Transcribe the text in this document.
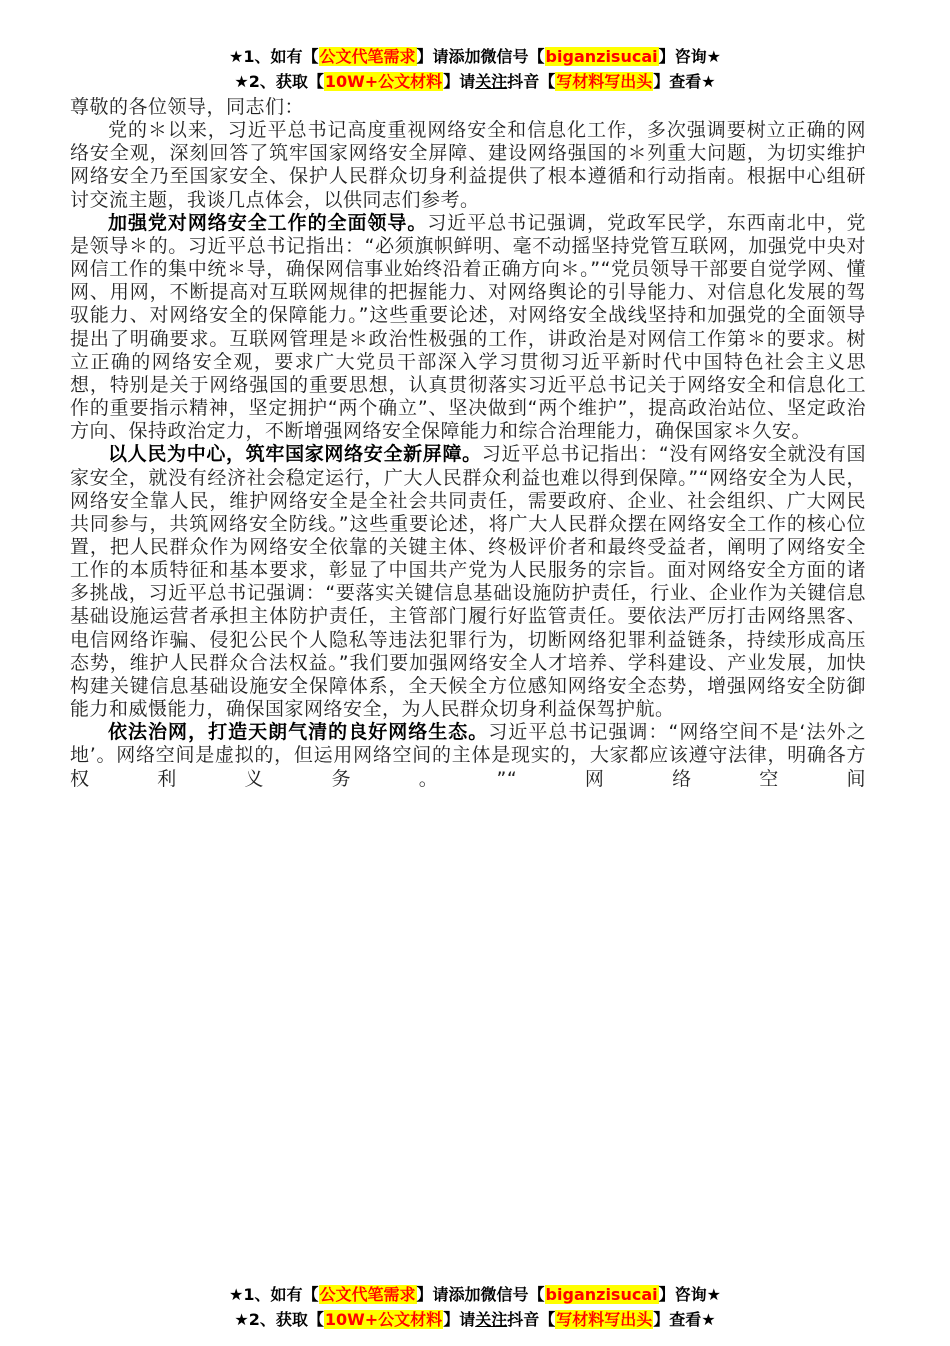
★1、如有【公文代笔需求】请添加微信号【biganzisucai】咨询★
★2、获取【10W+公文材料】请关注抖音【写材料写出头】查看★

尊敬的各位领导，同志们：

党的＊以来，习近平总书记高度重视网络安全和信息化工作，多次强调要树立正确的网络安全观，深刻回答了筑牢国家网络安全屏障、建设网络强国的＊列重大问题，为切实维护网络安全乃至国家安全、保护人民群众切身利益提供了根本遵循和行动指南。根据中心组研讨交流主题，我谈几点体会，以供同志们参考。

加强党对网络安全工作的全面领导。习近平总书记强调，党政军民学，东西南北中，党是领导＊的。习近平总书记指出：“必须旗帜鲜明、毫不动摇坚持党管互联网，加强党中央对网信工作的集中统＊导，确保网信事业始终沿着正确方向＊。”“党员领导干部要自觉学网、懂网、用网，不断提高对互联网规律的把握能力、对网络舆论的引导能力、对信息化发展的驾驭能力、对网络安全的保障能力。”这些重要论述，对网络安全战线坚持和加强党的全面领导提出了明确要求。互联网管理是＊政治性极强的工作，讲政治是对网信工作第＊的要求。树立正确的网络安全观，要求广大党员干部深入学习贯彻习近平新时代中国特色社会主义思想，特别是关于网络强国的重要思想，认真贯彻落实习近平总书记关于网络安全和信息化工作的重要指示精神，坚定拥护“两个确立”、坚决做到“两个维护”，提高政治站位、坚定政治方向、保持政治定力，不断增强网络安全保障能力和综合治理能力，确保国家＊久安。

以人民为中心，筑牢国家网络安全新屏障。习近平总书记指出：“没有网络安全就没有国家安全，就没有经济社会稳定运行，广大人民群众利益也难以得到保障。”“网络安全为人民，网络安全靠人民，维护网络安全是全社会共同责任，需要政府、企业、社会组织、广大网民共同参与，共筑网络安全防线。”这些重要论述，将广大人民群众摆在网络安全工作的核心位置，把人民群众作为网络安全依靠的关键主体、终极评价者和最终受益者，阐明了网络安全工作的本质特征和基本要求，彰显了中国共产党为人民服务的宗旨。面对网络安全方面的诸多挑战，习近平总书记强调：“要落实关键信息基础设施防护责任，行业、企业作为关键信息基础设施运营者承担主体防护责任，主管部门履行好监管责任。要依法严厉打击网络黑客、电信网络诈骗、侵犯公民个人隐私等违法犯罪行为，切断网络犯罪利益链条，持续形成高压态势，维护人民群众合法权益。”我们要加强网络安全人才培养、学科建设、产业发展，加快构建关键信息基础设施安全保障体系，全天候全方位感知网络安全态势，增强网络安全防御能力和威慑能力，确保国家网络安全，为人民群众切身利益保驾护航。

依法治网，打造天朗气清的良好网络生态。习近平总书记强调：“网络空间不是‘法外之地’。网络空间是虚拟的，但运用网络空间的主体是现实的，大家都应该遵守法律，明确各方权利义务。”“网络空间

★1、如有【公文代笔需求】请添加微信号【biganzisucai】咨询★
★2、获取【10W+公文材料】请关注抖音【写材料写出头】查看★
